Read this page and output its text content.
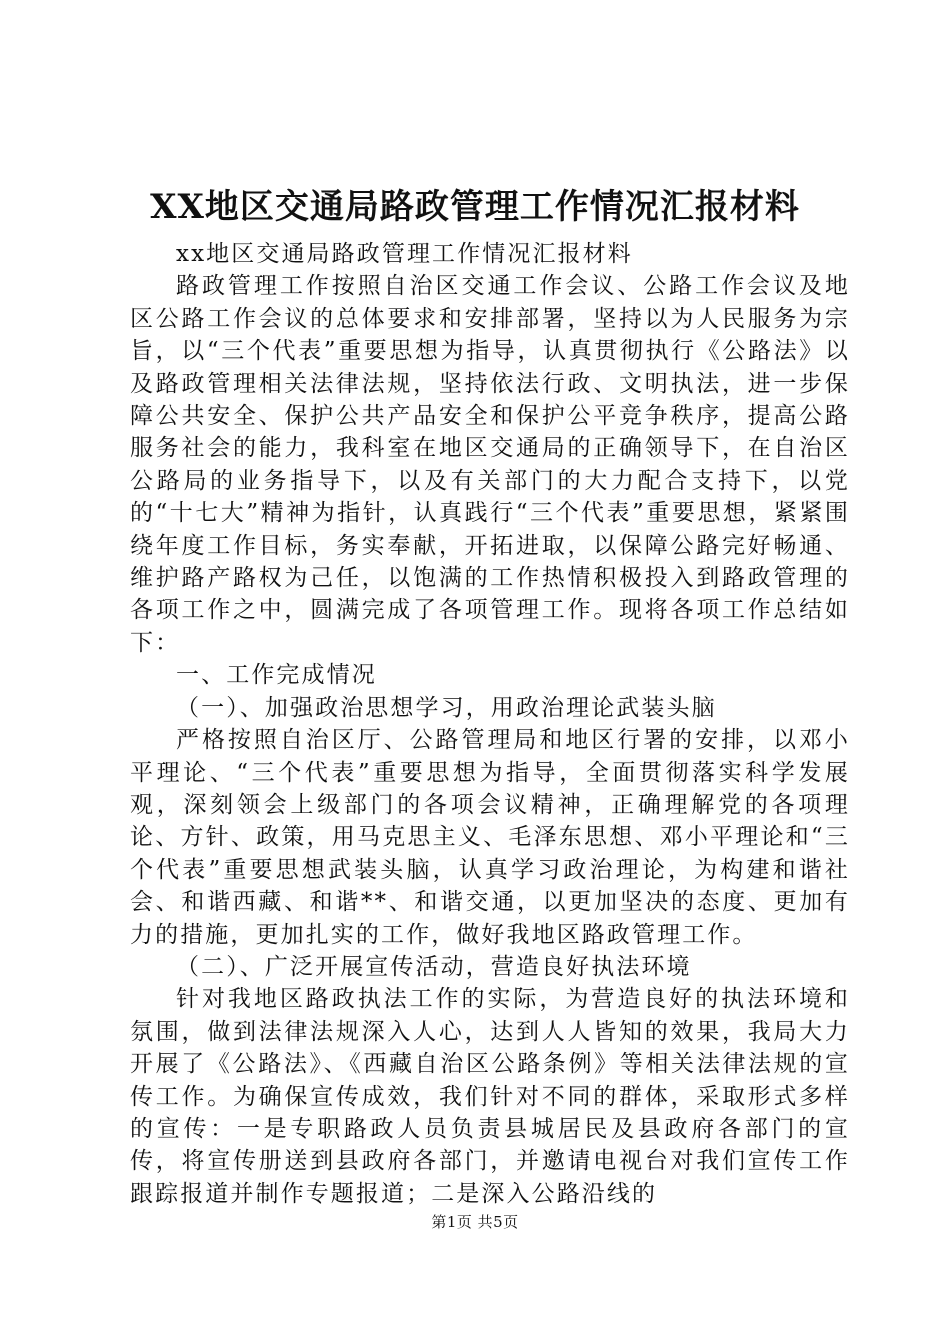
XX地区交通局路政管理工作情况汇报材料

xx地区交通局路政管理工作情况汇报材料

路政管理工作按照自治区交通工作会议、公路工作会议及地区公路工作会议的总体要求和安排部署，坚持以为人民服务为宗旨，以“三个代表”重要思想为指导，认真贯彻执行《公路法》以及路政管理相关法律法规，坚持依法行政、文明执法，进一步保障公共安全、保护公共产品安全和保护公平竞争秩序，提高公路服务社会的能力，我科室在地区交通局的正确领导下，在自治区公路局的业务指导下，以及有关部门的大力配合支持下，以党的“十七大”精神为指针，认真践行“三个代表”重要思想，紧紧围绕年度工作目标，务实奉献，开拓进取，以保障公路完好畅通、维护路产路权为己任，以饱满的工作热情积极投入到路政管理的各项工作之中，圆满完成了各项管理工作。现将各项工作总结如下：

一、工作完成情况

（一）、加强政治思想学习，用政治理论武装头脑

严格按照自治区厅、公路管理局和地区行署的安排，以邓小平理论、“三个代表”重要思想为指导，全面贯彻落实科学发展观，深刻领会上级部门的各项会议精神，正确理解党的各项理论、方针、政策，用马克思主义、毛泽东思想、邓小平理论和“三个代表”重要思想武装头脑，认真学习政治理论，为构建和谐社会、和谐西藏、和谐**、和谐交通，以更加坚决的态度、更加有力的措施，更加扎实的工作，做好我地区路政管理工作。

（二）、广泛开展宣传活动，营造良好执法环境

针对我地区路政执法工作的实际，为营造良好的执法环境和氛围，做到法律法规深入人心，达到人人皆知的效果，我局大力开展了《公路法》、《西藏自治区公路条例》等相关法律法规的宣传工作。为确保宣传成效，我们针对不同的群体，采取形式多样的宣传：一是专职路政人员负责县城居民及县政府各部门的宣传，将宣传册送到县政府各部门，并邀请电视台对我们宣传工作跟踪报道并制作专题报道；二是深入公路沿线的

第1页 共5页
